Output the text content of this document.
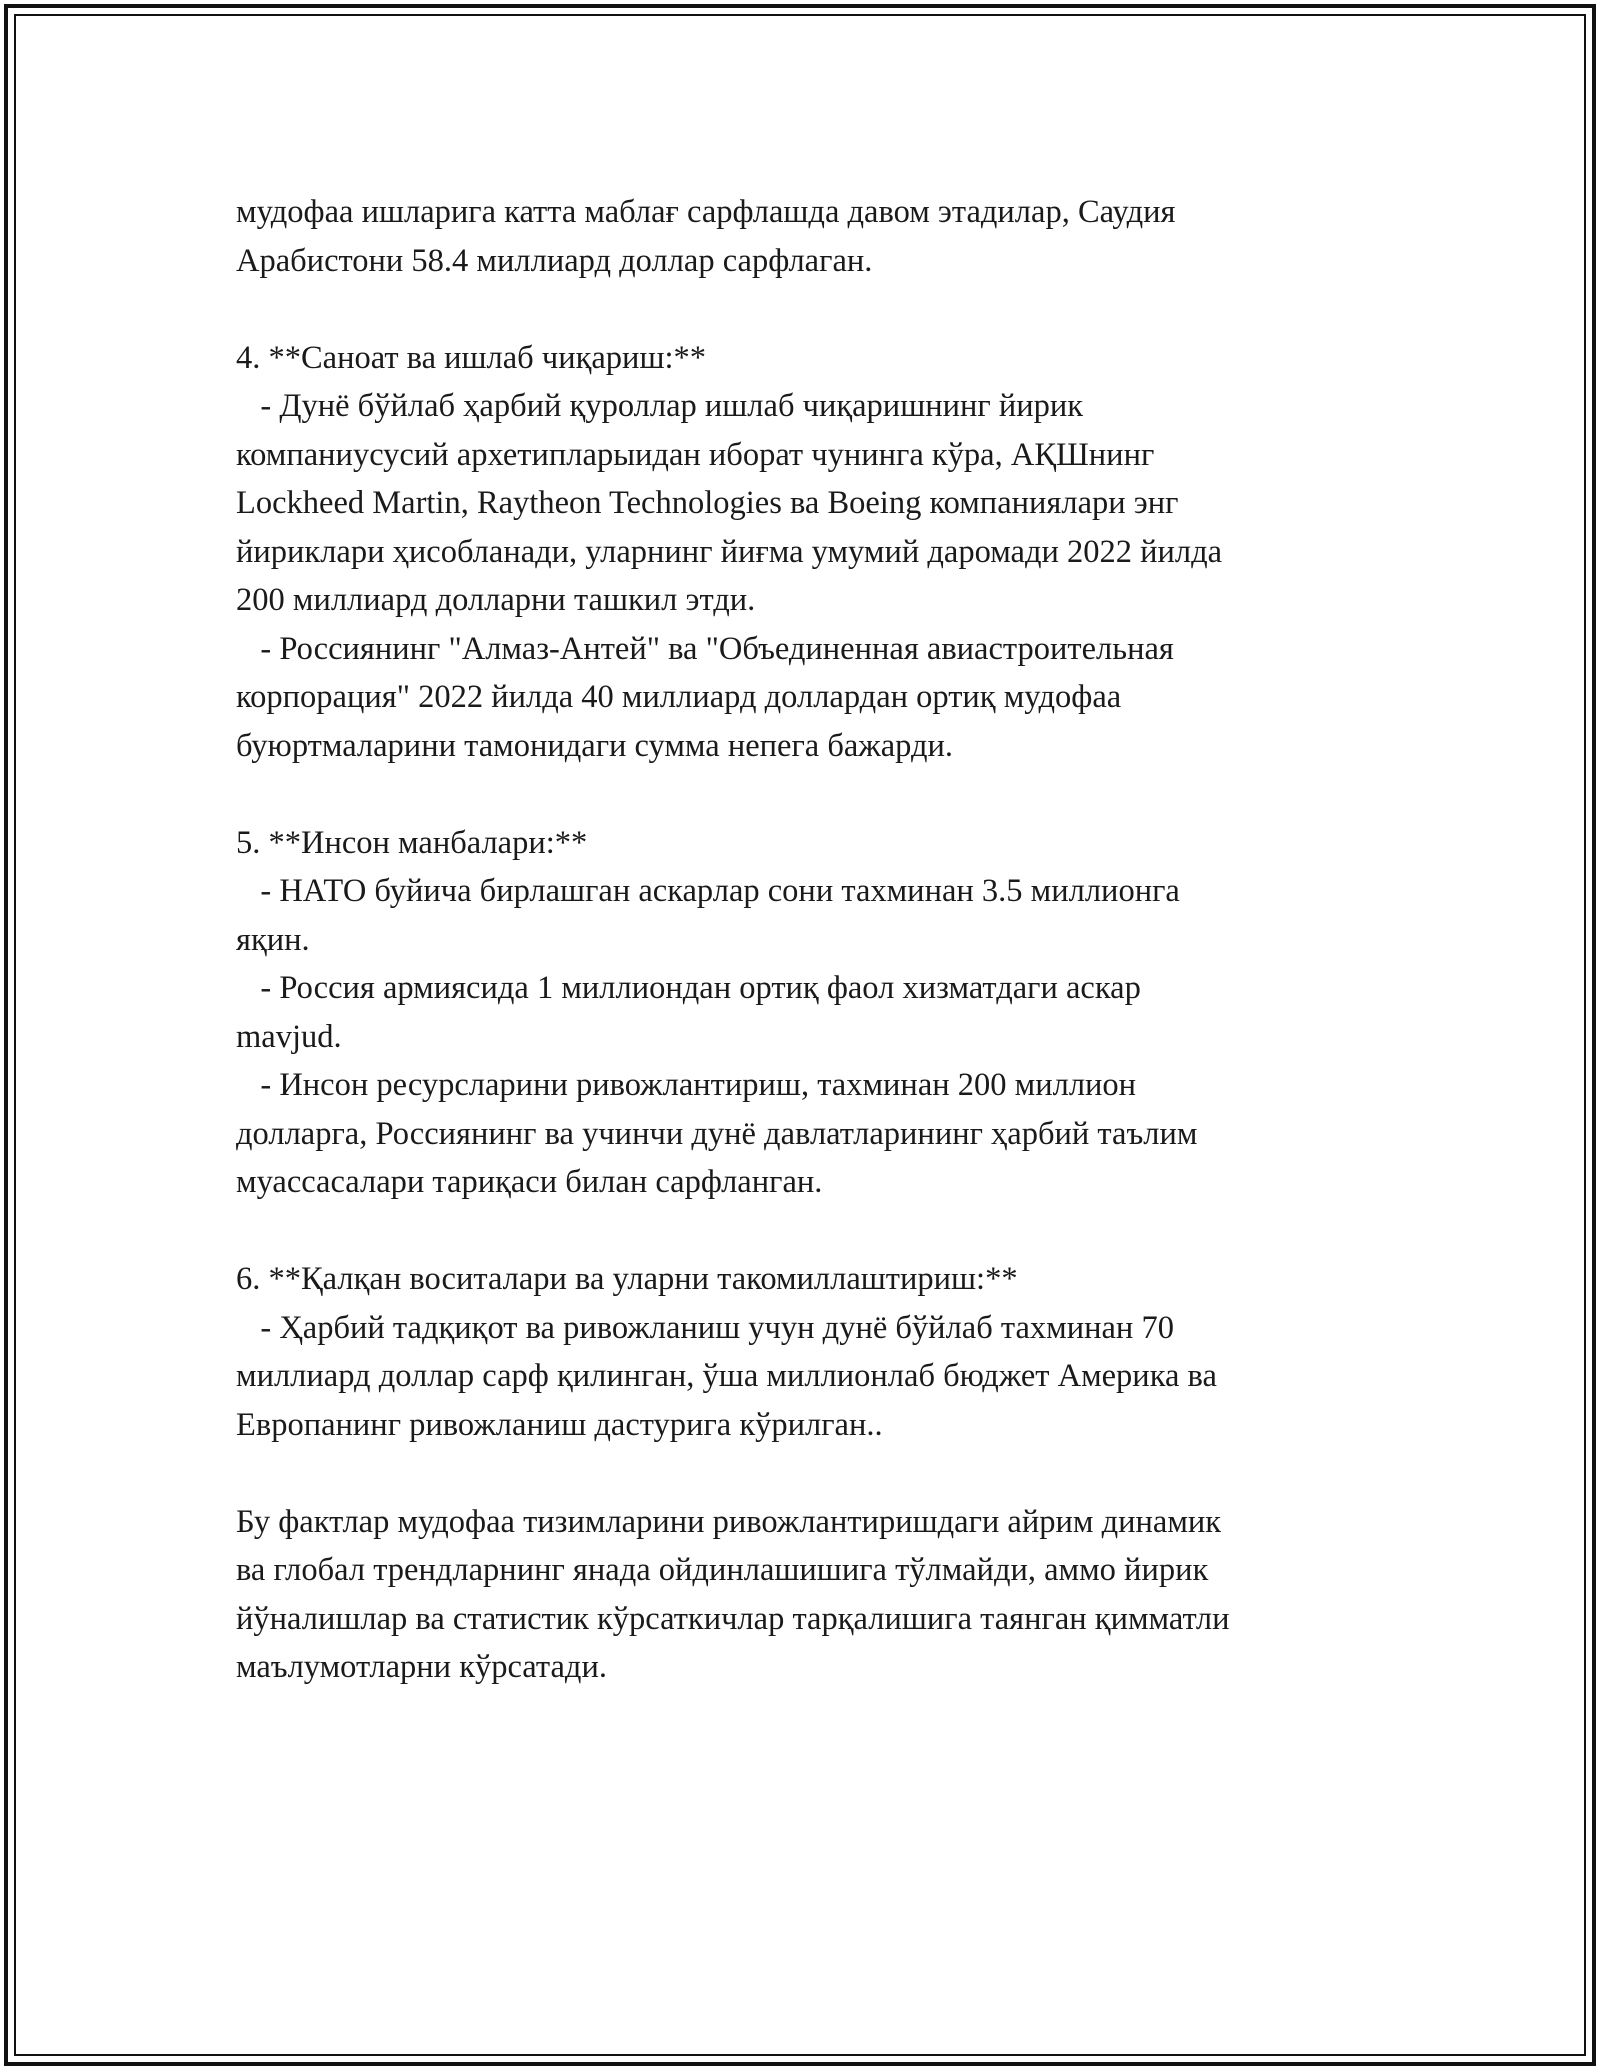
мудофаа ишларига катта маблағ сарфлашда давом этадилар, Саудия
Арабистони 58.4 миллиард доллар сарфлаган.
4. **Саноат ва ишлаб чиқариш:**
- Дунё бўйлаб ҳарбий қуроллар ишлаб чиқаришнинг йирик
компаниусусий архетипларыидан иборат чунинга кўра, АҚШнинг
Lockheed Martin, Raytheon Technologies ва Boeing компаниялари энг
йириклари ҳисобланади, уларнинг йиғма умумий даромади 2022 йилда
200 миллиард долларни ташкил этди.
- Россиянинг "Алмаз-Антей" ва "Объединенная авиастроительная
корпорация" 2022 йилда 40 миллиард доллардан ортиқ мудофаа
буюртмаларини тамонидаги сумма непега бажарди.
5. **Инсон манбалари:**
- НАТО буйича бирлашган аскарлар сони тахминан 3.5 миллионга
яқин.
- Россия армиясида 1 миллиондан ортиқ фаол хизматдаги аскар
mavjud.
- Инсон ресурсларини ривожлантириш, тахминан 200 миллион
долларга, Россиянинг ва учинчи дунё давлатларининг ҳарбий таълим
муассасалари тариқаси билан сарфланган.
6. **Қалқан воситалари ва уларни такомиллаштириш:**
- Ҳарбий тадқиқот ва ривожланиш учун дунё бўйлаб тахминан 70
миллиард доллар сарф қилинган, ўша миллионлаб бюджет Америка ва
Европанинг ривожланиш дастурига кўрилган..
Бу фактлар мудофаа тизимларини ривожлантиришдаги айрим динамик
ва глобал трендларнинг янада ойдинлашишига тўлмайди, аммо йирик
йўналишлар ва статистик кўрсаткичлар тарқалишига таянган қимматли
маълумотларни кўрсатади.
